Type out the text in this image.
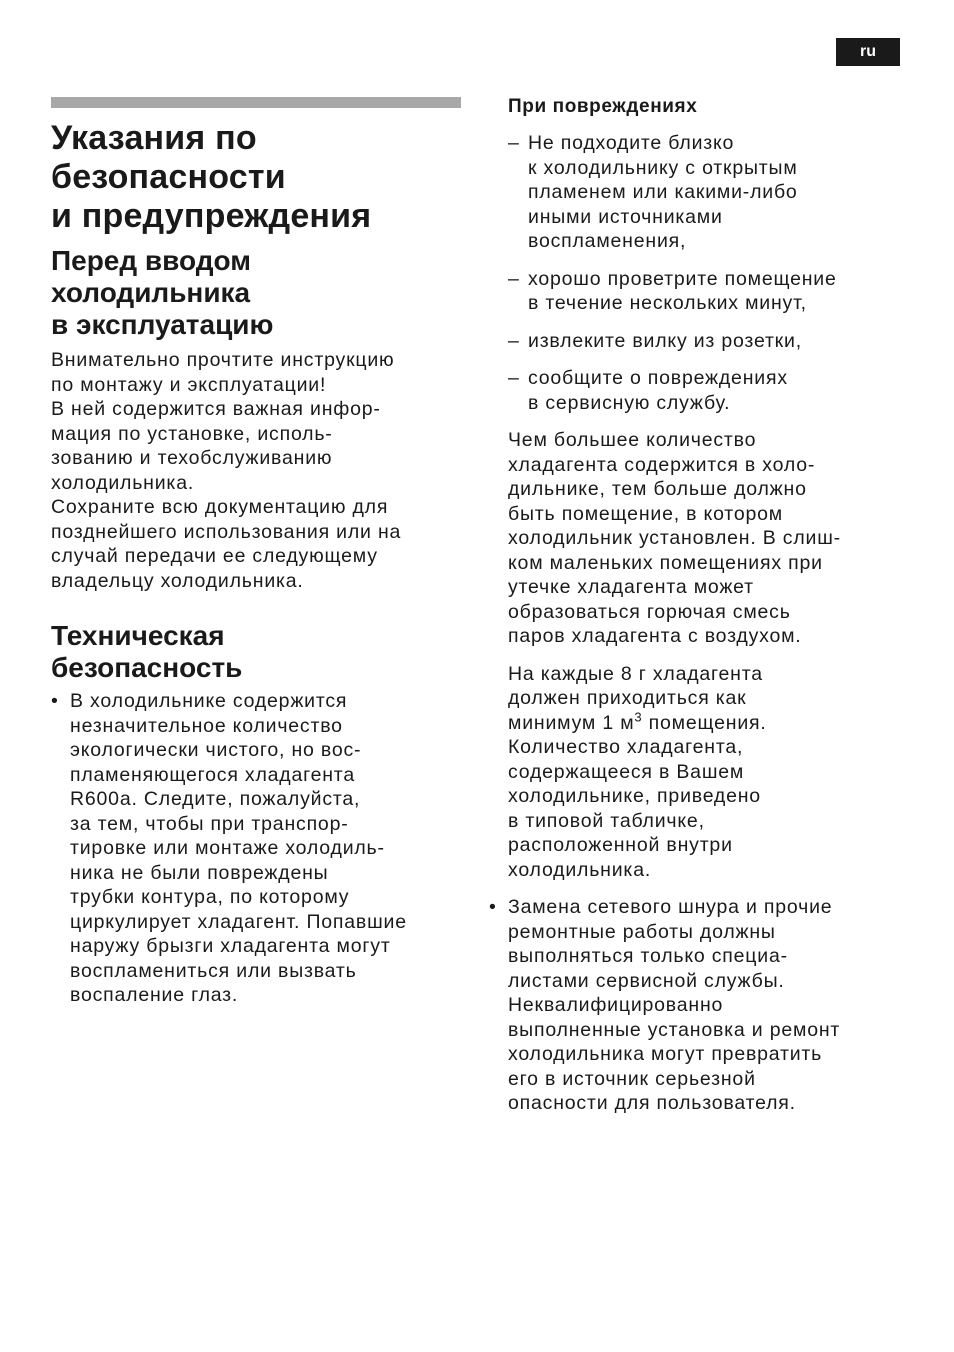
ru
Указания по
безопасности
и предупреждения
Перед вводом
холодильника
в эксплуатацию

Внимательно прочтите инструкцию
по монтажу и эксплуатации!
В ней содержится важная инфор-
мация по установке, исполь-
зованию и техобслуживанию
холодильника.
Сохраните всю документацию для
позднейшего использования или на
случай передачи ее следующему
владельцу холодильника.

Техническая
безопасность
• В холодильнике содержится
незначительное количество
экологически чистого, но вос-
пламеняющегося хладагента
R600a. Следите, пожалуйста,
за тем, чтобы при транспор-
тировке или монтаже холодиль-
ника не были повреждены
трубки контура, по которому
циркулирует хладагент. Попавшие
наружу брызги хладагента могут
воспламениться или вызвать
воспаление глаз.

При повреждениях
– Не подходите близко
к холодильнику с открытым
пламенем или какими-либо
иными источниками
воспламенения,

– хорошо проветрите помещение
в течение нескольких минут,

– извлеките вилку из розетки,

– сообщите о повреждениях
в сервисную службу.

Чем большее количество
хладагента содержится в холо-
дильнике, тем больше должно
быть помещение, в котором
холодильник установлен. В слиш-
ком маленьких помещениях при
утечке хладагента может
образоваться горючая смесь
паров хладагента с воздухом.

На каждые 8 г хладагента
должен приходиться как
минимум 1 $м^3$ помещения.
Количество хладагента,
содержащееся в Вашем
холодильнике, приведено
в типовой табличке,
расположенной внутри
холодильника.

• Замена сетевого шнура и прочие
ремонтные работы должны
выполняться только специа-
листами сервисной службы.
Неквалифицированно
выполненные установка и ремонт
холодильника могут превратить
его в источник серьезной
опасности для пользователя.
